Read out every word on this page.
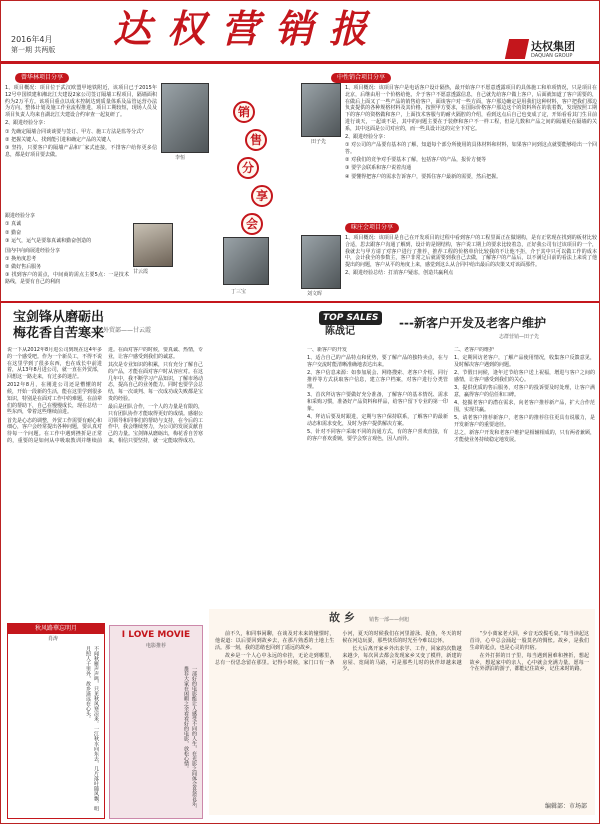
2016年4月
第一期 共两版 达权营销报	达权集团
DAQUAN GROUP
曾华林项目分享

1、项目概况：项目位于武汉欧盟甲地铁附近，该项目已于2015年12号中国铁建和湘北江夫建设2家公司签订隔墙工程项目，隔墙面积约为2万平方。该项目重点以成本控制达到质量体系及品管运营办法为方向，整体计划及施工作业流程推进，项目工期较短，现场人员及项目负责人均来自湖北江夫建设合约审查一起复研了。

2、跟进经验分享：

① 先确定隔墙合同谈谈要与签订、甲方、施工方法是监等分式？

② 把握关键人、找到能引进和确定产品的关键人

③ 坚持，只要客户的隔墙产品和厂家式连接，不排客户给你更多信息，都是好项目要去做。

李恒

跟进经验分享

① 真诚

② 勤奋

③ 运气，运气是要靠真诚和勤奋创造的

国内中向商展进经验分享

① 换角度思考

② 做好售后服务

③ 找到客户的需点，中间商的需点主要5点：一是技术路线，是要有自己的利润

甘云霞
销
售
分
享
会
丁三宝
中性销合项目分享
田子先

1、项目概况：该项目客户是电话客户设计隔热，最开始客户不愿意透露项目的具体施工和单项情况，只是项目在北京，后继由用一个价格给他，介于客户不愿意透露信息，自己就先给客户做上客户，后面就知道了客户需要的，在做后上面又了一些产品的销售给客户，面谈客户对一些方面，客户那边确定是用我们这种材料，客户把我们那边负责提供的各种规格材料及其价格，按照甲方要求，在国际价格客户那边这个的资料所在的装着数，发现按照工期下的客户的资格做和客户，上面技术客服与的耐火隔腔的介绍，看到这点后自己也变成了定，开始看看其门生目前进行谈天，一起谈不是，其中的问题主要在于装修和客户不一样工程，但是几数和产品之间的隔墙更在隔墙的关系，其中这面是公司对应的，而一些具设计这的完全下对它。

2、跟进经验分享：

① 对公司的产品要有基本的了解，知道每个部分所使用的具体材料和材料，如果客户问到这点就要能够给出一个回答。

② 对我们的竞争对手要基本了解，包括客户的产品，报价方便等

③ 要学会联系和客户说着沟通

④ 要懂得把客户的需求告诉客户，要抓住客户最新的需要，然后把握。

咪庄会项目分享
刘文晖

1、项目概况：该项目是自己在开发项目的过程中看到客户的工程里面正在做钢构，是有正常现在找到的板材比较合适，思去跟客户沟通了解到，设计的是钢结构，客户说工期上的要求比较着急，正好我公司有过该项目的一个，我就去与甲方请了对客户进行了推荐，推荐工程的价格单价比较我的不让他不拒，介于其中只可以做工作的成本中，会计我全的参数主，客户非常之后就需要到我自己去做，了解客户的产品后，以不满足目前的看法上来说了他提出的问题，客户从平的角度上来，感觉到这么从合同中给出最后的决策又对该面那件。

2、跟进经验总结：打消客户疑虑，创造共赢利点

宝剑锋从磨砺出
梅花香自苦寒来
外贸部——甘云霞
TOP SALES
陈战记
---新客户开发及老客户维护
志群营销—田子先

说一下从2012年8月进公司到现在这4年多的一个感受吧。作为一个新员工，不得不说在这里学到了很多东西，也在成长中前进着，从13年8月进公司，就一直在外贸部，回想这一路走来，有过多的迷茫。

2012年8月，在刚进公司还是懵懂的时候，开始一段新的生活，能在这里学到很多知识，特别是在面对工作中的难题，在前辈们的帮助下，自己在慢慢成长，现在总结一些东西，带着这些继续前进。

首先是心态的调整，外贸工作需要有耐心和细心，客户会经常提出各种问题，要认真对待每一个问题。在工作中遇到挫折是正常的，重要的是如何从中吸取教训并继续前进。在面对客户的时候，要真诚、热情，专业，让客户感受到我们的诚意。

其次是专业知识的积累，只有充分了解自己的产品，才能在面对客户时从容应对。在这几年中，我不断学习产品知识，了解市场动态，提高自己的业务能力。同时也要学会总结，每一次谈判、每一次成功或失败都是宝贵的经验。

最后是团队合作，一个人的力量是有限的，只有团队协作才能取得更好的成绩。感谢公司领导和同事们的帮助与支持，在今后的工作中，我会继续努力，为公司的发展贡献自己的力量。宝剑锋从磨砺出，梅花香自苦寒来，相信只要坚持，就一定能取得成功。

一、新客户的开发

1、适合自己的产品特点和优势，要了解产品的独特卖点，在与客户交流时能清晰准确地表达出来。

2、客户信息来源：如参加展会、网络搜索、老客户介绍、同行推荐等方式获取客户信息，建立客户档案，对客户进行分类管理。

3、首次拜访客户要做好充分准备，了解客户的基本情况、需求和采购习惯，准备好产品资料和样品，给客户留下专业的第一印象。

4、拜访后要及时跟进，定期与客户保持联系，了解客户的最新动态和需求变化，及时为客户提供解决方案。

5、针对不同客户采取不同的沟通方式，有的客户喜欢直接，有的客户喜欢委婉，要学会察言观色，因人而异。

二、老客户的维护

1、定期回访老客户，了解产品使用情况，收集客户反馈意见，及时解决客户遇到的问题。

2、节假日问候，逢年过节给客户送上祝福，增进与客户之间的感情，让客户感受到我们的关心。

3、提供优质的售后服务，对客户的投诉要及时处理，让客户满意，赢得客户的信任和口碑。

4、挖掘老客户的潜在需求，向老客户推荐新产品，扩大合作范围，实现共赢。

5、请老客户推荐新客户，老客户的推荐往往更具有说服力，是开发新客户的重要途径。

总之，新客户开发和老客户维护是相辅相成的，只有两者兼顾，才能使业务持续稳定地发展。

秋风路華忘明月
肖涛
不闻秋雁声声鸣，只见秋风寒凉来。一江秋水向东去，几片落叶随风飘。明月照人千里外，故乡遥远在心头。
I LOVE MOVIE
电影推荐
一部好的电影能让人感受不同的人生，在光影之间体会喜怒哀乐，推荐大家在闲暇之余看看好的电影，放松心情。
故 乡	销售一部——何旭

前不久，和同事闲聊，在谈及对未来的憧憬时，他说道：以后要回到故乡去，在那片熟悉的土地上生活。那一刻，我的思绪也回到了遥远的故乡。

故乡是一个人心中永远的牵挂，无论走到哪里，总有一份思念留在那里。记得小时候，家门口有一条小河，夏天的时候我们在河里游泳、捉鱼，冬天的时候在河边玩耍，那些快乐的时光至今难以忘怀。

长大后离开家乡外出求学、工作，回家的次数越来越少，每次回去都会发现家乡又变了模样，新建的房屋、宽阔的马路，可是那些儿时的伙伴却越来越少。

“少小离家老大回，乡音无改鬓毛衰。”每当读起这首诗，心中总会涌起一股莫名的惆怅。故乡，是我们生命的起点，也是心灵的归宿。

在外打拼的日子里，每当遇到困难和挫折，想起故乡，想起家中的亲人，心中就会充满力量。愿每一个在外漂泊的游子，都能记住故乡，记住来时的路。

编辑部：市场部
